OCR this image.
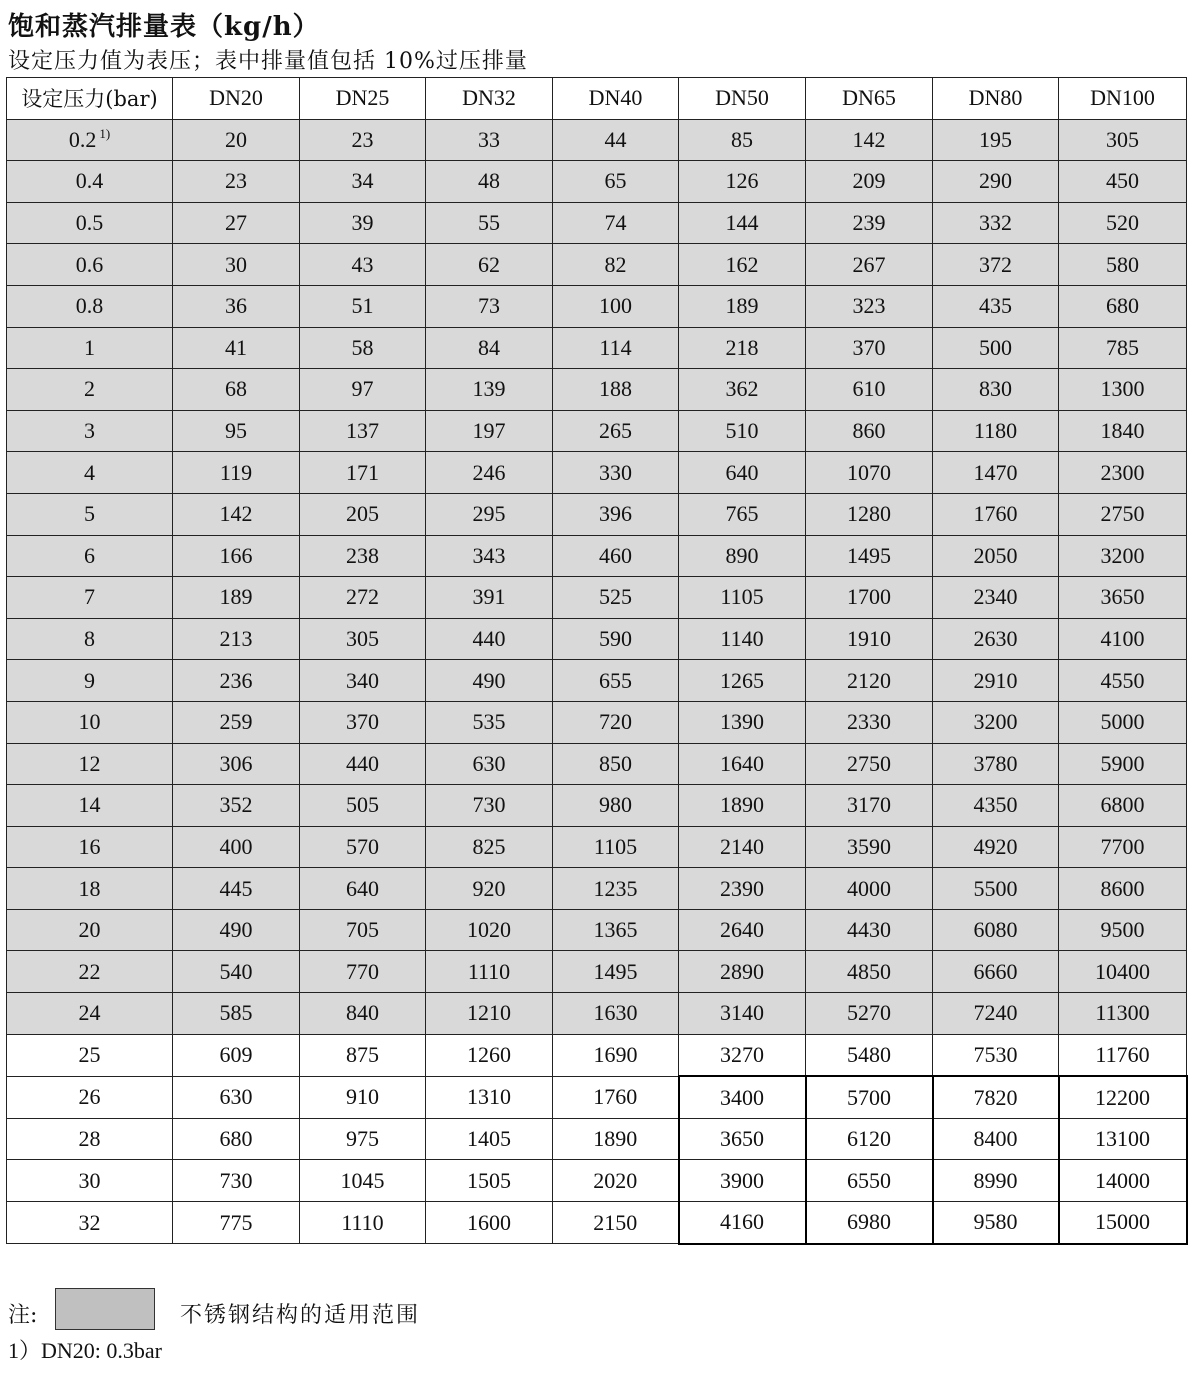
饱和蒸汽排量表（kg/h）
设定压力值为表压；表中排量值包括 10%过压排量
设定压力(bar)	DN20	DN25	DN32	DN40	DN50	DN65	DN80	DN100
0.2 $^{1)}$	20	23	33	44	85	142	195	305
0.4	23	34	48	65	126	209	290	450
0.5	27	39	55	74	144	239	332	520
0.6	30	43	62	82	162	267	372	580
0.8	36	51	73	100	189	323	435	680
1	41	58	84	114	218	370	500	785
2	68	97	139	188	362	610	830	1300
3	95	137	197	265	510	860	1180	1840
4	119	171	246	330	640	1070	1470	2300
5	142	205	295	396	765	1280	1760	2750
6	166	238	343	460	890	1495	2050	3200
7	189	272	391	525	1105	1700	2340	3650
8	213	305	440	590	1140	1910	2630	4100
9	236	340	490	655	1265	2120	2910	4550
10	259	370	535	720	1390	2330	3200	5000
12	306	440	630	850	1640	2750	3780	5900
14	352	505	730	980	1890	3170	4350	6800
16	400	570	825	1105	2140	3590	4920	7700
18	445	640	920	1235	2390	4000	5500	8600
20	490	705	1020	1365	2640	4430	6080	9500
22	540	770	1110	1495	2890	4850	6660	10400
24	585	840	1210	1630	3140	5270	7240	11300
25	609	875	1260	1690	3270	5480	7530	11760
26	630	910	1310	1760	3400	5700	7820	12200
28	680	975	1405	1890	3650	6120	8400	13100
30	730	1045	1505	2020	3900	6550	8990	14000
32	775	1110	1600	2150	4160	6980	9580	15000
注:	不锈钢结构的适用范围
1）DN20: 0.3bar
